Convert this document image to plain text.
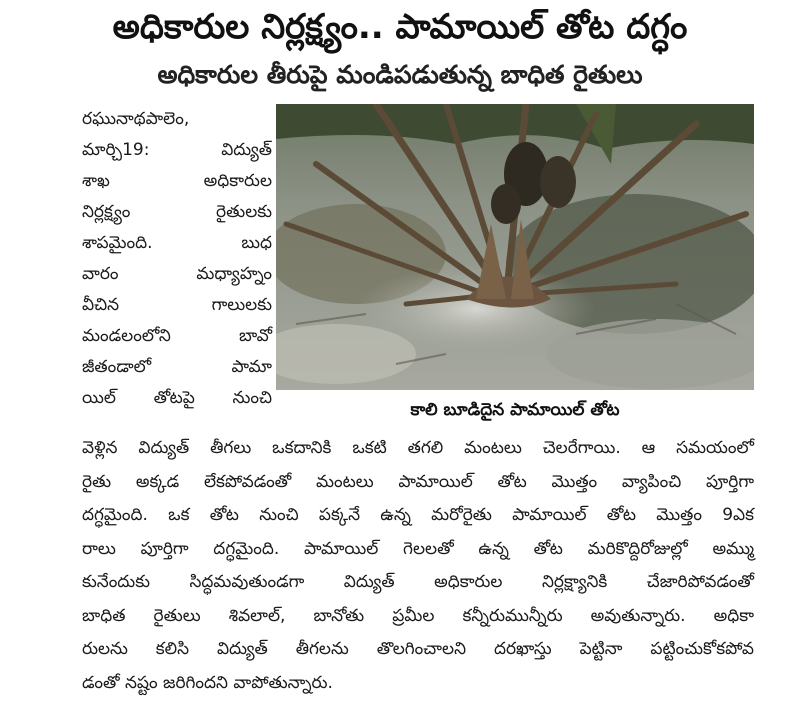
అధికారుల నిర్లక్ష్యం.. పామాయిల్ తోట దగ్ధం
అధికారుల తీరుపై మండిపడుతున్న బాధిత రైతులు
రఘునాథపాలెం,
మార్చి19: విద్యుత్
శాఖ అధికారుల
నిర్లక్ష్యం రైతులకు
శాపమైంది. బుధ
వారం మధ్యాహ్నం
వీచిన గాలులకు
మండలంలోని బావో
జీతండాలో పామా
యిల్ తోటపై నుంచి
కాలి బూడిదైన పామాయిల్ తోట
వెళ్లిన విద్యుత్ తీగలు ఒకదానికి ఒకటి తగలి మంటలు చెలరేగాయి. ఆ సమయంలో
రైతు అక్కడ లేకపోవడంతో మంటలు పామాయిల్ తోట మొత్తం వ్యాపించి పూర్తిగా
దగ్ధమైంది. ఒక తోట నుంచి పక్కనే ఉన్న మరోరైతు పామాయిల్ తోట మొత్తం 9ఎక
రాలు పూర్తిగా దగ్ధమైంది. పామాయిల్ గెలలతో ఉన్న తోట మరికొద్దిరోజుల్లో అమ్ము
కునేందుకు సిద్ధమవుతుండగా విద్యుత్ అధికారుల నిర్లక్ష్యానికి చేజారిపోవడంతో
బాధిత రైతులు శివలాల్, బానోతు ప్రమీల కన్నీరుమున్నీరు అవుతున్నారు. అధికా
రులను కలిసి విద్యుత్ తీగలను తొలగించాలని దరఖాస్తు పెట్టినా పట్టించుకోకపోవ
డంతో నష్టం జరిగిందని వాపోతున్నారు.
